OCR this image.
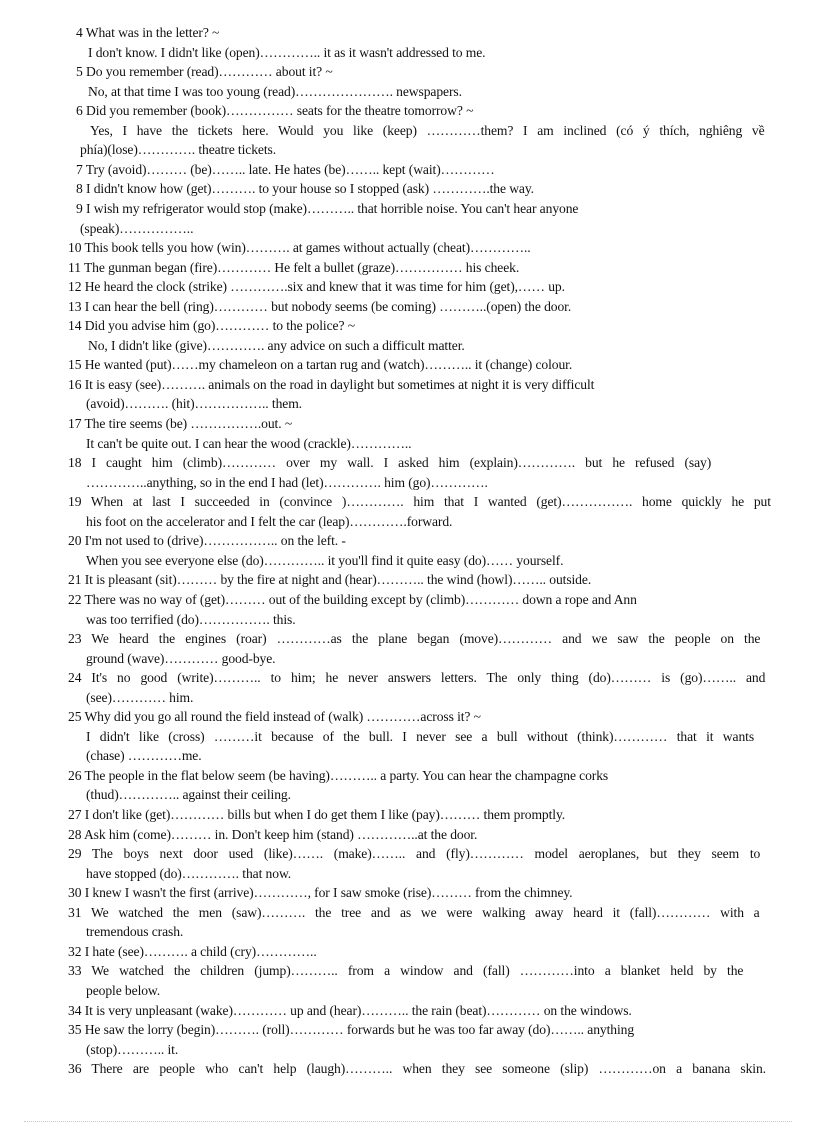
4 What was in the letter? ~
I don't know. I didn't like (open)………….. it as it wasn't addressed to me.
5 Do you remember (read)………… about it? ~
No, at that time I was too young (read)…………………. newspapers.
6 Did you remember (book)…………… seats for the theatre tomorrow? ~
Yes, I have the tickets here. Would you like (keep) …………them? I am inclined (có ý thích, nghiêng về
phía)(lose)…………. theatre tickets.
7 Try (avoid)……… (be)…….. late. He hates (be)…….. kept (wait)…………
8 I didn't know how (get)………. to your house so I stopped (ask) ………….the way.
9 I wish my refrigerator would stop (make)……….. that horrible noise. You can't hear anyone
(speak)……………..
10 This book tells you how (win)………. at games without actually (cheat)…………..
11 The gunman began (fire)………… He felt a bullet (graze)…………… his cheek.
12 He heard the clock (strike) ………….six and knew that it was time for him (get),…… up.
13 I can hear the bell (ring)………… but nobody seems (be coming) ………..(open) the door.
14 Did you advise him (go)………… to the police? ~
No, I didn't like (give)…………. any advice on such a difficult matter.
15 He wanted (put)……my chameleon on a tartan rug and (watch)……….. it (change) colour.
16 It is easy (see)………. animals on the road in daylight but sometimes at night it is very difficult
(avoid)………. (hit)…………….. them.
17 The tire seems (be) …………….out. ~
It can't be quite out. I can hear the wood (crackle)…………..
18 I caught him (climb)………… over my wall. I asked him (explain)…………. but he refused (say)
…………..anything, so in the end I had (let)…………. him (go)………….
19 When at last I succeeded in (convince )…………. him that I wanted (get)……………. home quickly he put
his foot on the accelerator and I felt the car (leap)………….forward.
20 I'm not used to (drive)…………….. on the left. -
When you see everyone else (do)………….. it you'll find it quite easy (do)…… yourself.
21 It is pleasant (sit)……… by the fire at night and (hear)……….. the wind (howl)…….. outside.
22 There was no way of (get)……… out of the building except by (climb)………… down a rope and Ann
was too terrified (do)……………. this.
23 We heard the engines (roar) …………as the plane began (move)………… and we saw the people on the
ground (wave)………… good-bye.
24 It's no good (write)……….. to him; he never answers letters. The only thing (do)……… is (go)…….. and
(see)………… him.
25 Why did you go all round the field instead of (walk) …………across it? ~
I didn't like (cross) ………it because of the bull. I never see a bull without (think)………… that it wants
(chase) …………me.
26 The people in the flat below seem (be having)……….. a party. You can hear the champagne corks
(thud)………….. against their ceiling.
27 I don't like (get)………… bills but when I do get them I like (pay)……… them promptly.
28 Ask him (come)……… in. Don't keep him (stand) …………..at the door.
29 The boys next door used (like)……. (make)…….. and (fly)………… model aeroplanes, but they seem to
have stopped (do)…………. that now.
30 I knew I wasn't the first (arrive)…………, for I saw smoke (rise)……… from the chimney.
31 We watched the men (saw)………. the tree and as we were walking away heard it (fall)………… with a
tremendous crash.
32 I hate (see)………. a child (cry)…………..
33 We watched the children (jump)……….. from a window and (fall) …………into a blanket held by the
people below.
34 It is very unpleasant (wake)………… up and (hear)……….. the rain (beat)………… on the windows.
35 He saw the lorry (begin)………. (roll)………… forwards but he was too far away (do)…….. anything
(stop)……….. it.
36 There are people who can't help (laugh)……….. when they see someone (slip) …………on a banana skin.
